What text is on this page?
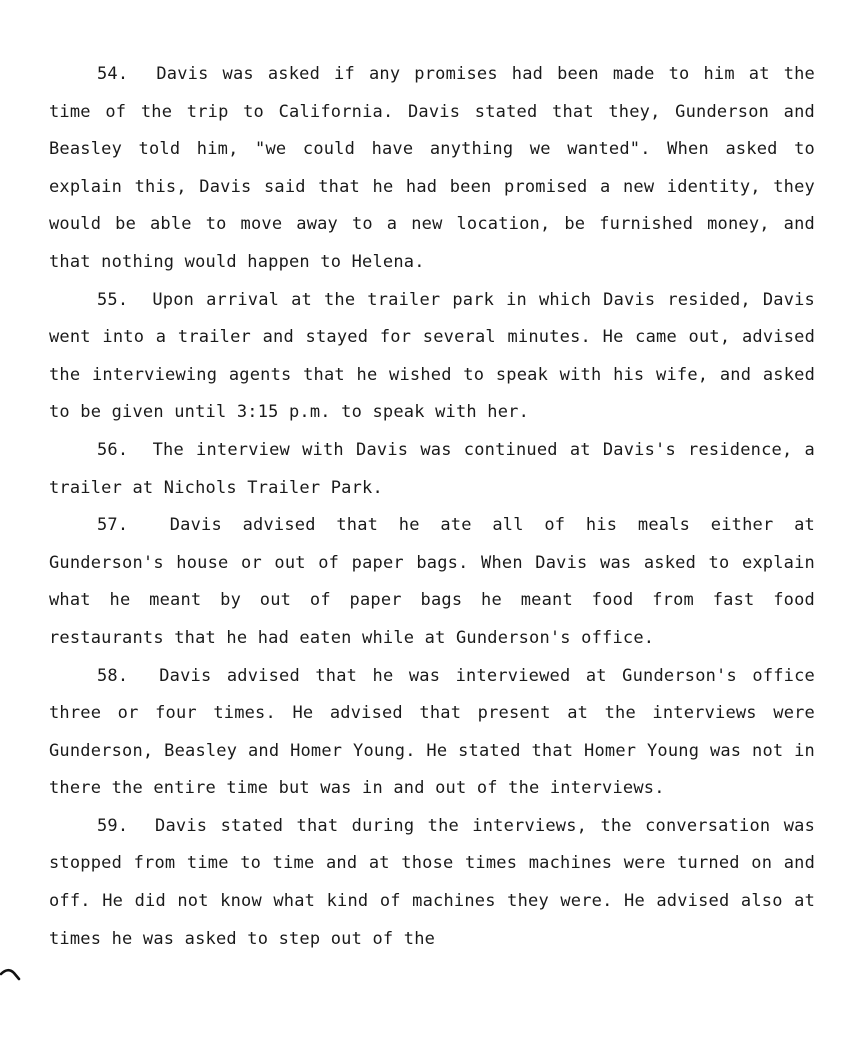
54. Davis was asked if any promises had been made to him at the time of the trip to California. Davis stated that they, Gunderson and Beasley told him, "we could have anything we wanted". When asked to explain this, Davis said that he had been promised a new identity, they would be able to move away to a new location, be furnished money, and that nothing would happen to Helena.

55. Upon arrival at the trailer park in which Davis resided, Davis went into a trailer and stayed for several minutes. He came out, advised the interviewing agents that he wished to speak with his wife, and asked to be given until 3:15 p.m. to speak with her.

56. The interview with Davis was continued at Davis's residence, a trailer at Nichols Trailer Park.

57. Davis advised that he ate all of his meals either at Gunderson's house or out of paper bags. When Davis was asked to explain what he meant by out of paper bags he meant food from fast food restaurants that he had eaten while at Gunderson's office.

58. Davis advised that he was interviewed at Gunderson's office three or four times. He advised that present at the interviews were Gunderson, Beasley and Homer Young. He stated that Homer Young was not in there the entire time but was in and out of the interviews.

59. Davis stated that during the interviews, the conversation was stopped from time to time and at those times machines were turned on and off. He did not know what kind of machines they were. He advised also at times he was asked to step out of the
